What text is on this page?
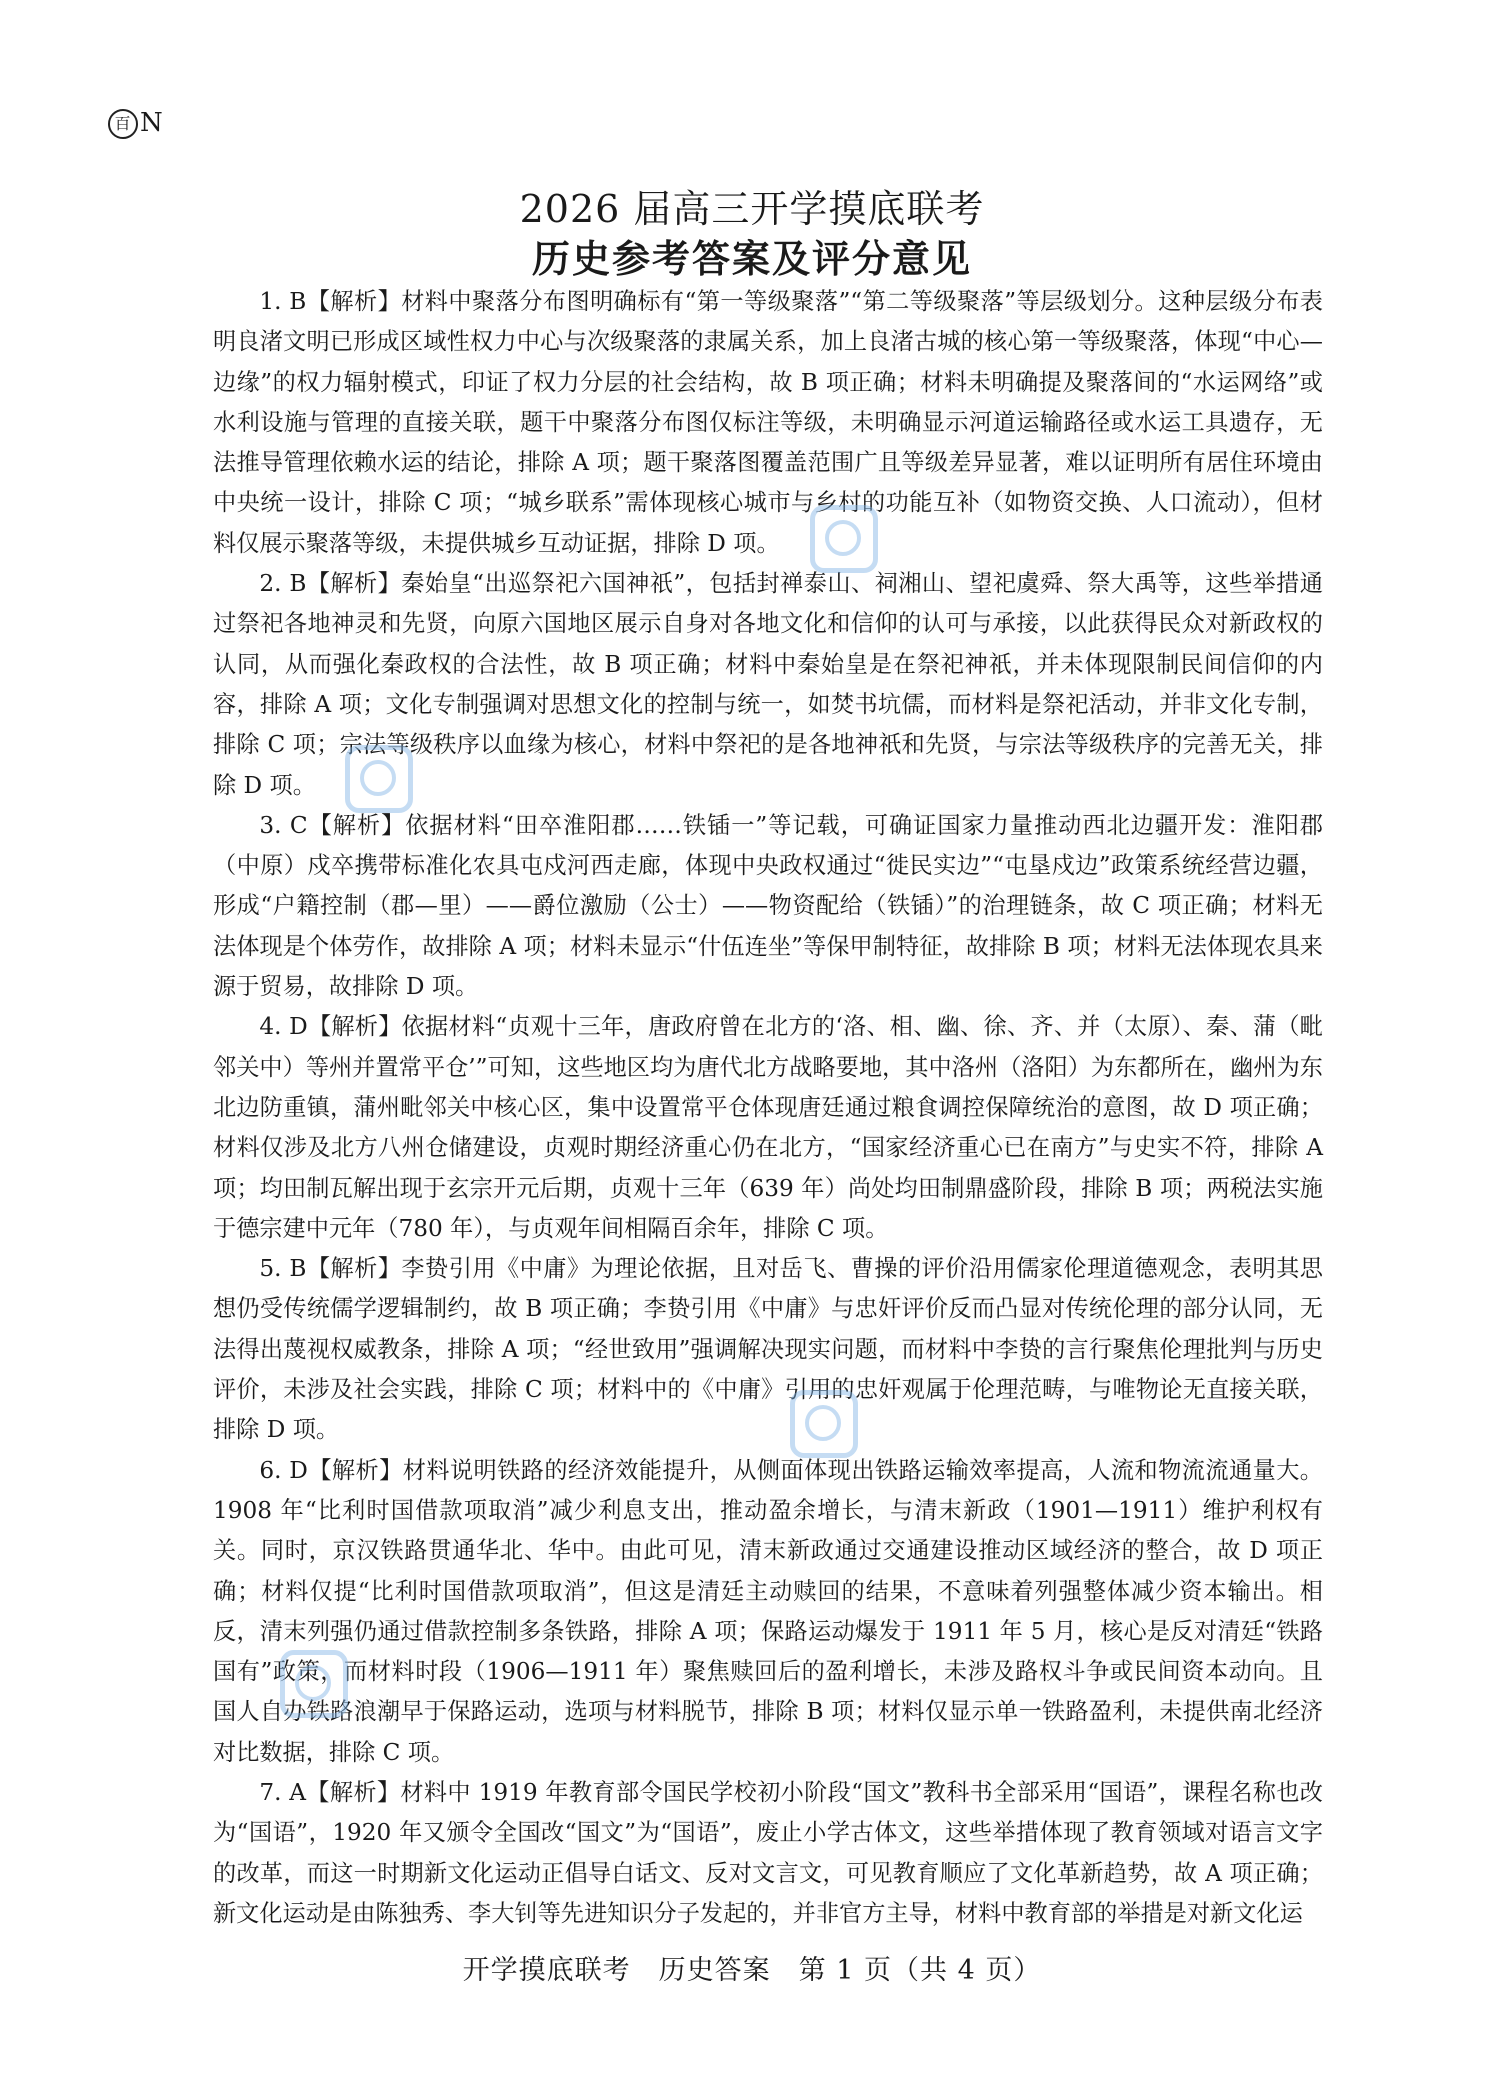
百 N
2026 届高三开学摸底联考
历史参考答案及评分意见

1. B【解析】材料中聚落分布图明确标有“第一等级聚落”“第二等级聚落”等层级划分。这种层级分布表明良渚文明已形成区域性权力中心与次级聚落的隶属关系，加上良渚古城的核心第一等级聚落，体现“中心—边缘”的权力辐射模式，印证了权力分层的社会结构，故 B 项正确；材料未明确提及聚落间的“水运网络”或水利设施与管理的直接关联，题干中聚落分布图仅标注等级，未明确显示河道运输路径或水运工具遗存，无法推导管理依赖水运的结论，排除 A 项；题干聚落图覆盖范围广且等级差异显著，难以证明所有居住环境由中央统一设计，排除 C 项；“城乡联系”需体现核心城市与乡村的功能互补（如物资交换、人口流动），但材料仅展示聚落等级，未提供城乡互动证据，排除 D 项。

2. B【解析】秦始皇“出巡祭祀六国神祇”，包括封禅泰山、祠湘山、望祀虞舜、祭大禹等，这些举措通过祭祀各地神灵和先贤，向原六国地区展示自身对各地文化和信仰的认可与承接，以此获得民众对新政权的认同，从而强化秦政权的合法性，故 B 项正确；材料中秦始皇是在祭祀神祇，并未体现限制民间信仰的内容，排除 A 项；文化专制强调对思想文化的控制与统一，如焚书坑儒，而材料是祭祀活动，并非文化专制，排除 C 项；宗法等级秩序以血缘为核心，材料中祭祀的是各地神祇和先贤，与宗法等级秩序的完善无关，排除 D 项。

3. C【解析】依据材料“田卒淮阳郡……铁锸一”等记载，可确证国家力量推动西北边疆开发：淮阳郡（中原）戍卒携带标准化农具屯戍河西走廊，体现中央政权通过“徙民实边”“屯垦戍边”政策系统经营边疆，形成“户籍控制（郡—里）——爵位激励（公士）——物资配给（铁锸）”的治理链条，故 C 项正确；材料无法体现是个体劳作，故排除 A 项；材料未显示“什伍连坐”等保甲制特征，故排除 B 项；材料无法体现农具来源于贸易，故排除 D 项。

4. D【解析】依据材料“贞观十三年，唐政府曾在北方的‘洛、相、幽、徐、齐、并（太原）、秦、蒲（毗邻关中）等州并置常平仓’”可知，这些地区均为唐代北方战略要地，其中洛州（洛阳）为东都所在，幽州为东北边防重镇，蒲州毗邻关中核心区，集中设置常平仓体现唐廷通过粮食调控保障统治的意图，故 D 项正确；材料仅涉及北方八州仓储建设，贞观时期经济重心仍在北方，“国家经济重心已在南方”与史实不符，排除 A 项；均田制瓦解出现于玄宗开元后期，贞观十三年（639 年）尚处均田制鼎盛阶段，排除 B 项；两税法实施于德宗建中元年（780 年），与贞观年间相隔百余年，排除 C 项。

5. B【解析】李贽引用《中庸》为理论依据，且对岳飞、曹操的评价沿用儒家伦理道德观念，表明其思想仍受传统儒学逻辑制约，故 B 项正确；李贽引用《中庸》与忠奸评价反而凸显对传统伦理的部分认同，无法得出蔑视权威教条，排除 A 项；“经世致用”强调解决现实问题，而材料中李贽的言行聚焦伦理批判与历史评价，未涉及社会实践，排除 C 项；材料中的《中庸》引用的忠奸观属于伦理范畴，与唯物论无直接关联，排除 D 项。

6. D【解析】材料说明铁路的经济效能提升，从侧面体现出铁路运输效率提高，人流和物流流通量大。1908 年“比利时国借款项取消”减少利息支出，推动盈余增长，与清末新政（1901—1911）维护利权有关。同时，京汉铁路贯通华北、华中。由此可见，清末新政通过交通建设推动区域经济的整合，故 D 项正确；材料仅提“比利时国借款项取消”，但这是清廷主动赎回的结果，不意味着列强整体减少资本输出。相反，清末列强仍通过借款控制多条铁路，排除 A 项；保路运动爆发于 1911 年 5 月，核心是反对清廷“铁路国有”政策，而材料时段（1906—1911 年）聚焦赎回后的盈利增长，未涉及路权斗争或民间资本动向。且国人自办铁路浪潮早于保路运动，选项与材料脱节，排除 B 项；材料仅显示单一铁路盈利，未提供南北经济对比数据，排除 C 项。

7. A【解析】材料中 1919 年教育部令国民学校初小阶段“国文”教科书全部采用“国语”，课程名称也改为“国语”，1920 年又颁令全国改“国文”为“国语”，废止小学古体文，这些举措体现了教育领域对语言文字的改革，而这一时期新文化运动正倡导白话文、反对文言文，可见教育顺应了文化革新趋势，故 A 项正确；新文化运动是由陈独秀、李大钊等先进知识分子发起的，并非官方主导，材料中教育部的举措是对新文化运

开学摸底联考　历史答案　第 1 页（共 4 页）
